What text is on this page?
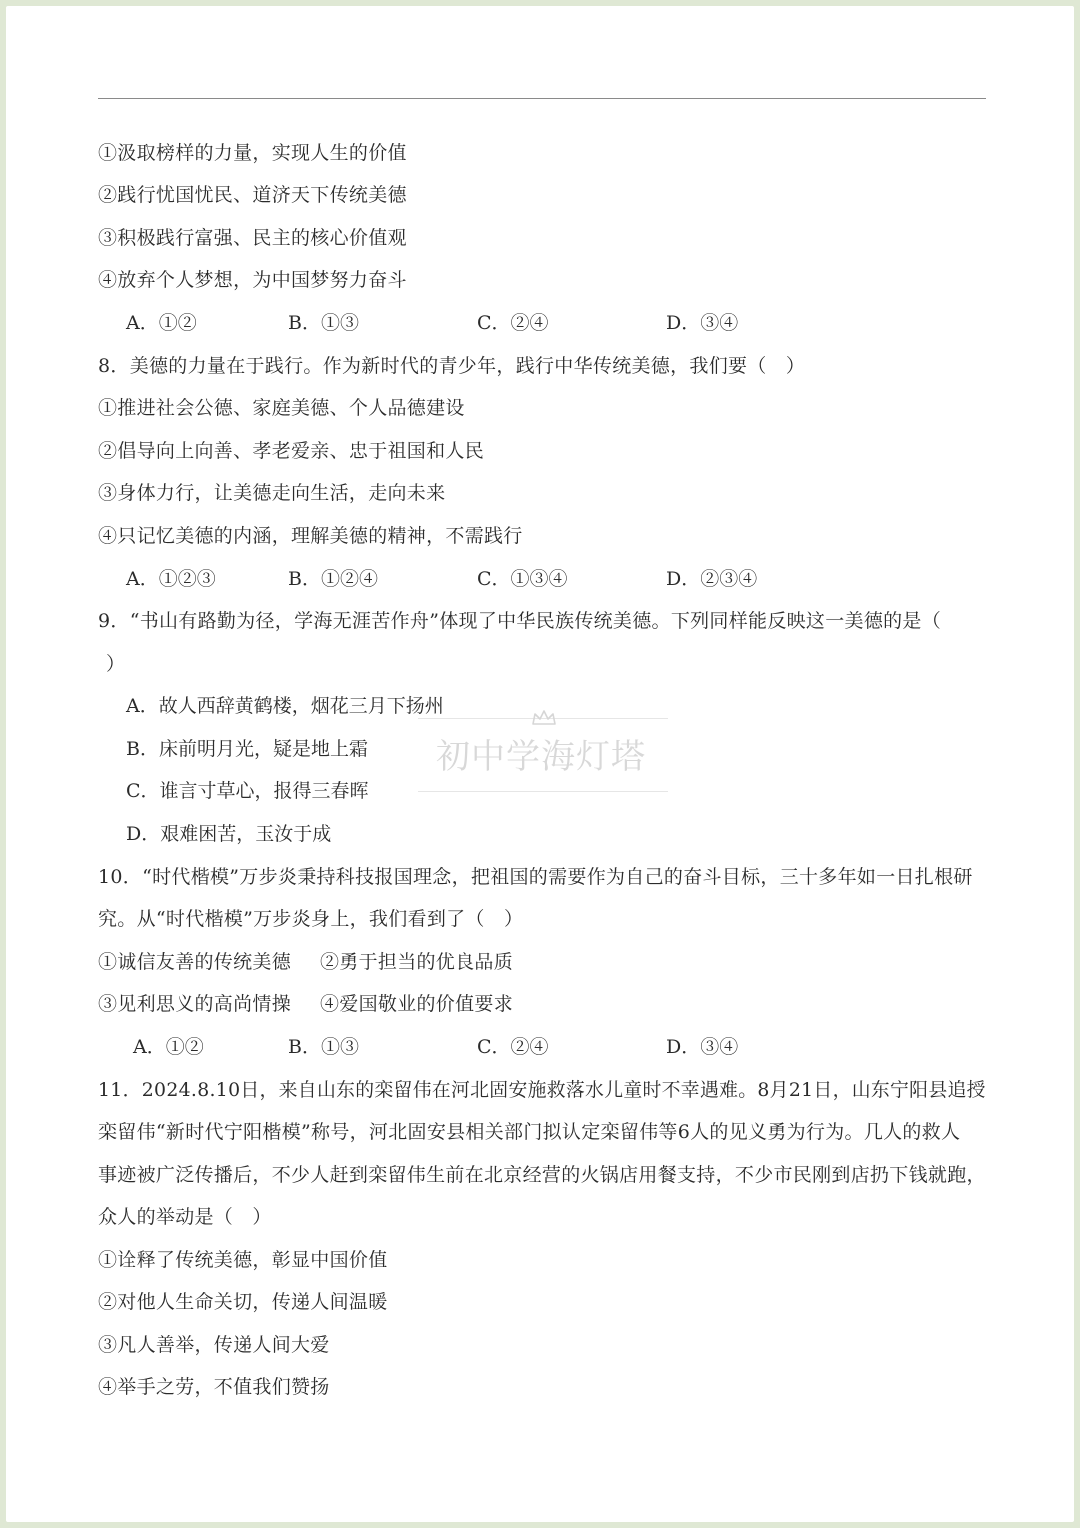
①汲取榜样的力量，实现人生的价值
②践行忧国忧民、道济天下传统美德
③积极践行富强、民主的核心价值观
④放弃个人梦想，为中国梦努力奋斗
A．①②	B．①③	C．②④	D．③④
8．美德的力量在于践行。作为新时代的青少年，践行中华传统美德，我们要（　）
①推进社会公德、家庭美德、个人品德建设
②倡导向上向善、孝老爱亲、忠于祖国和人民
③身体力行，让美德走向生活，走向未来
④只记忆美德的内涵，理解美德的精神，不需践行
A．①②③	B．①②④	C．①③④	D．②③④
9．“书山有路勤为径，学海无涯苦作舟”体现了中华民族传统美德。下列同样能反映这一美德的是（
）
A．故人西辞黄鹤楼，烟花三月下扬州
B．床前明月光，疑是地上霜
C．谁言寸草心，报得三春晖
D．艰难困苦，玉汝于成
初中学海灯塔
10．“时代楷模”万步炎秉持科技报国理念，把祖国的需要作为自己的奋斗目标，三十多年如一日扎根研
究。从“时代楷模”万步炎身上，我们看到了（　）
①诚信友善的传统美德 ②勇于担当的优良品质
③见利思义的高尚情操 ④爱国敬业的价值要求
A．①②	B．①③	C．②④	D．③④
11．2024.8.10日，来自山东的栾留伟在河北固安施救落水儿童时不幸遇难。8月21日，山东宁阳县追授
栾留伟“新时代宁阳楷模”称号，河北固安县相关部门拟认定栾留伟等6人的见义勇为行为。几人的救人
事迹被广泛传播后，不少人赶到栾留伟生前在北京经营的火锅店用餐支持，不少市民刚到店扔下钱就跑，
众人的举动是（　）
①诠释了传统美德，彰显中国价值
②对他人生命关切，传递人间温暖
③凡人善举，传递人间大爱
④举手之劳，不值我们赞扬
